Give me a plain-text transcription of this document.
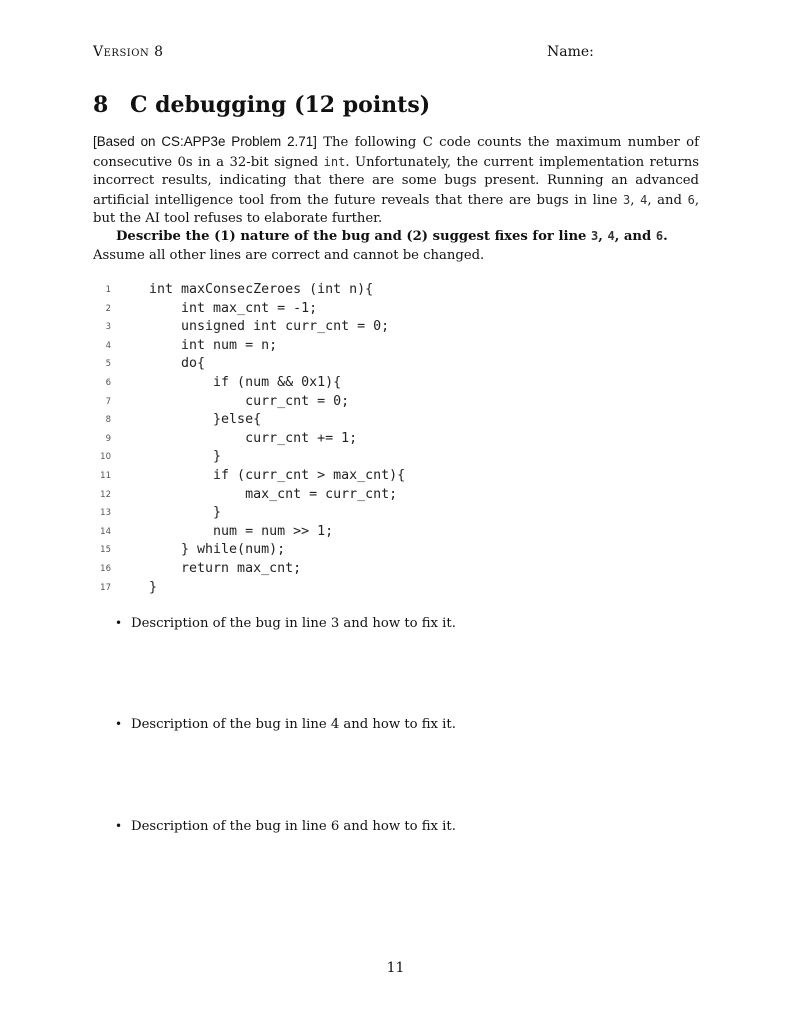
Version 8	Name:
8 C debugging (12 points)
[Based on CS:APP3e Problem 2.71] The following C code counts the maximum number of consecutive 0s in a 32-bit signed int. Unfortunately, the current implementation returns incorrect results, indicating that there are some bugs present. Running an advanced artificial intelligence tool from the future reveals that there are bugs in line 3, 4, and 6, but the AI tool refuses to elaborate further.
Describe the (1) nature of the bug and (2) suggest fixes for line 3, 4, and 6. Assume all other lines are correct and cannot be changed.
1	int maxConsecZeroes (int n){
2	int max_cnt = -1;
3	unsigned int curr_cnt = 0;
4	int num = n;
5	do{
6	if (num && 0x1){
7	curr_cnt = 0;
8	}else{
9	curr_cnt += 1;
10	}
11	if (curr_cnt > max_cnt){
12	max_cnt = curr_cnt;
13	}
14	num = num >> 1;
15	} while(num);
16	return max_cnt;
17	}
• Description of the bug in line 3 and how to fix it.
• Description of the bug in line 4 and how to fix it.
• Description of the bug in line 6 and how to fix it.
11
